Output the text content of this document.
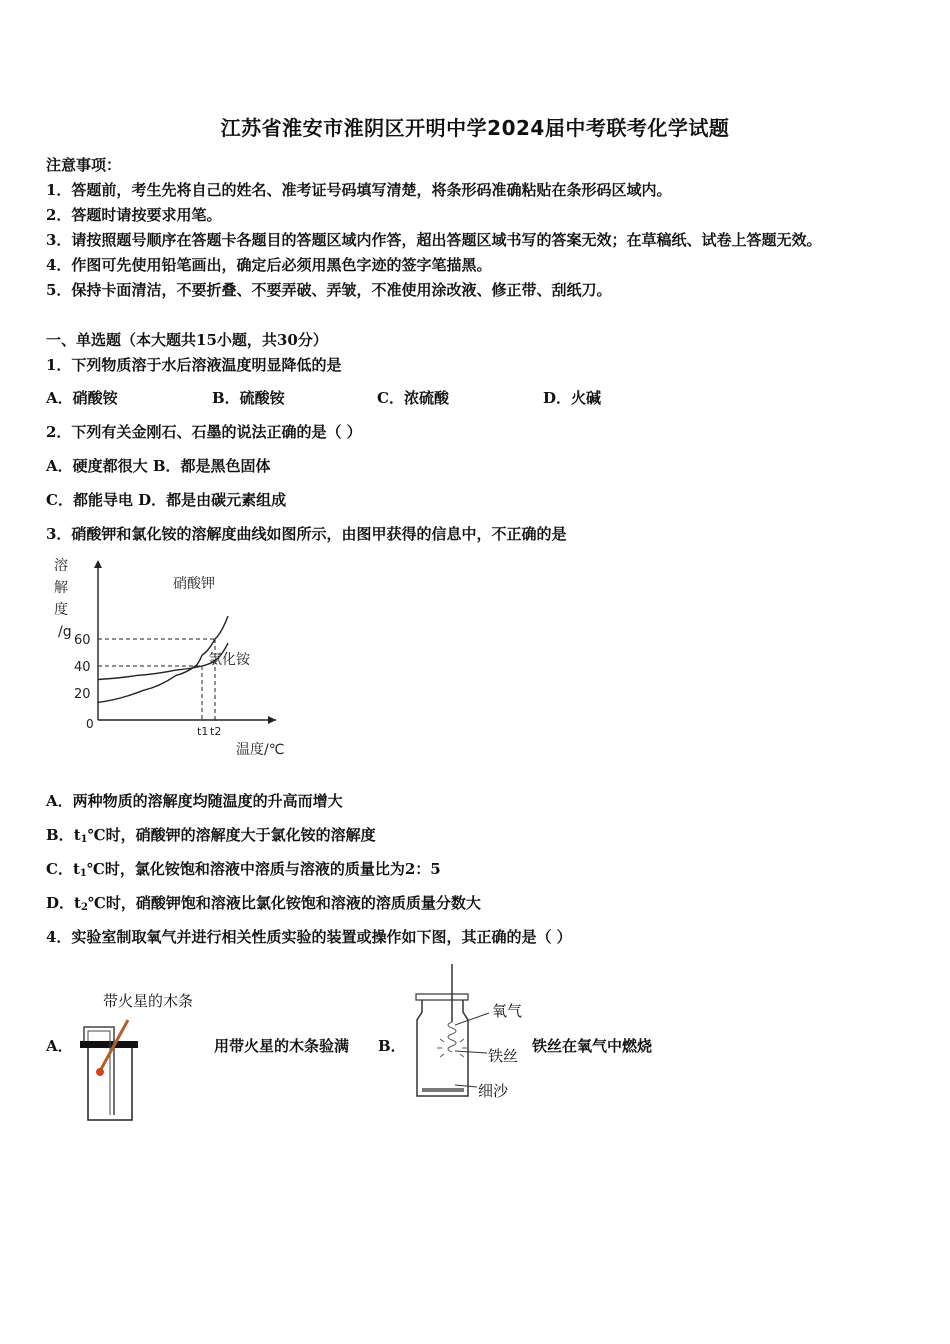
江苏省淮安市淮阴区开明中学2024届中考联考化学试题
注意事项：
1．答题前，考生先将自己的姓名、准考证号码填写清楚，将条形码准确粘贴在条形码区域内。
2．答题时请按要求用笔。
3．请按照题号顺序在答题卡各题目的答题区域内作答，超出答题区域书写的答案无效；在草稿纸、试卷上答题无效。
4．作图可先使用铅笔画出，确定后必须用黑色字迹的签字笔描黑。
5．保持卡面清洁，不要折叠、不要弄破、弄皱，不准使用涂改液、修正带、刮纸刀。
一、单选题（本大题共15小题，共30分）
1．下列物质溶于水后溶液温度明显降低的是
A．硝酸铵	B．硫酸铵	C．浓硫酸	D．火碱
2．下列有关金刚石、石墨的说法正确的是（ ）
A．硬度都很大 B．都是黑色固体
C．都能导电 D．都是由碳元素组成
3．硝酸钾和氯化铵的溶解度曲线如图所示，由图甲获得的信息中，不正确的是
溶
解
度
/g
温度/℃
0
20
40
60
t1 t2
硝酸钾
氯化铵
A．两种物质的溶解度均随温度的升高而增大
B．$t_1℃$时，硝酸钾的溶解度大于氯化铵的溶解度
C．$t_1℃$时，氯化铵饱和溶液中溶质与溶液的质量比为2：5
D．$t_2℃$时，硝酸钾饱和溶液比氯化铵饱和溶液的溶质质量分数大
4．实验室制取氧气并进行相关性质实验的装置或操作如下图，其正确的是（ ）
A．
带火星的木条
用带火星的木条验满 B．
氧气
铁丝
细沙
铁丝在氧气中燃烧
